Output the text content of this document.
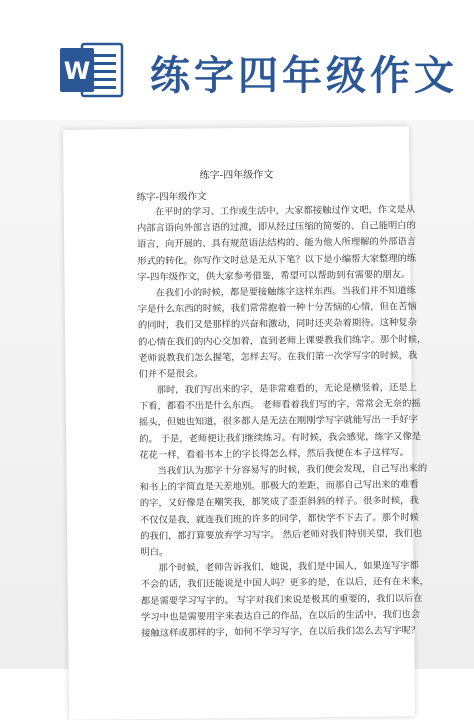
W 练字四年级作文
练字-四年级作文
练字-四年级作文
在平时的学习、工作或生活中，大家都接触过作文吧，作文是从
内部言语向外部言语的过渡，即从经过压缩的简要的、自己能明白的
语言，向开展的、具有规范语法结构的、能为他人所理解的外部语言
形式的转化。你写作文时总是无从下笔？以下是小编帮大家整理的练
字-四年级作文，供大家参考借鉴，希望可以帮助到有需要的朋友。
在我们小的时候，都是要接触练字这样东西。当我们并不知道练
字是什么东西的时候，我们常常抱着一种十分苦恼的心情，但在苦恼
的同时，我们又是那样的兴奋和激动，同时还夹杂着期待。这种复杂
的心情在我们的内心交加着，直到老师上课要教我们练字。那个时候，
老师说教我们怎么握笔，怎样去写。在我们第一次学写字的时候，我
们并不是很会。
那时，我们写出来的字，是非常难看的，无论是横竖着，还是上
下看，都看不出是什么东西。 老师看着我们写的字，常常会无奈的摇
摇头，但她也知道，很多都人是无法在刚刚学写字就能写出一手好字
的。 于是，老师便让我们继续练习。有时候，我会感觉，练字又像是
花花一样，看着书本上的字长得怎么样，然后我便在本子这样写。
当我们认为那字十分容易写的时候，我们便会发现，自己写出来的
和书上的字简直是天差地别。那极大的差距，而那自己写出来的难看
的字，又好像是在嘲笑我，都笑成了歪歪斜斜的样子。很多时候，我
不仅仅是我，就连我们班的许多的同学，都快学不下去了。那个时候
的我们，都打算要放弃学习写字。 然后老师对我们特别关望，我们也
明白。
那个时候，老师告诉我们，她说，我们是中国人，如果连写字都
不会的话，我们还能说是中国人吗？更多的是，在以后，还有在未来，
都是需要学习写字的。 写字对我们来说是极其的重要的，我们以后在
学习中也是需要用字来表达自己的作品，在以后的生活中，我们也会
接触这样或那样的字，如何不学习写字，在以后我们怎么去写字呢？
